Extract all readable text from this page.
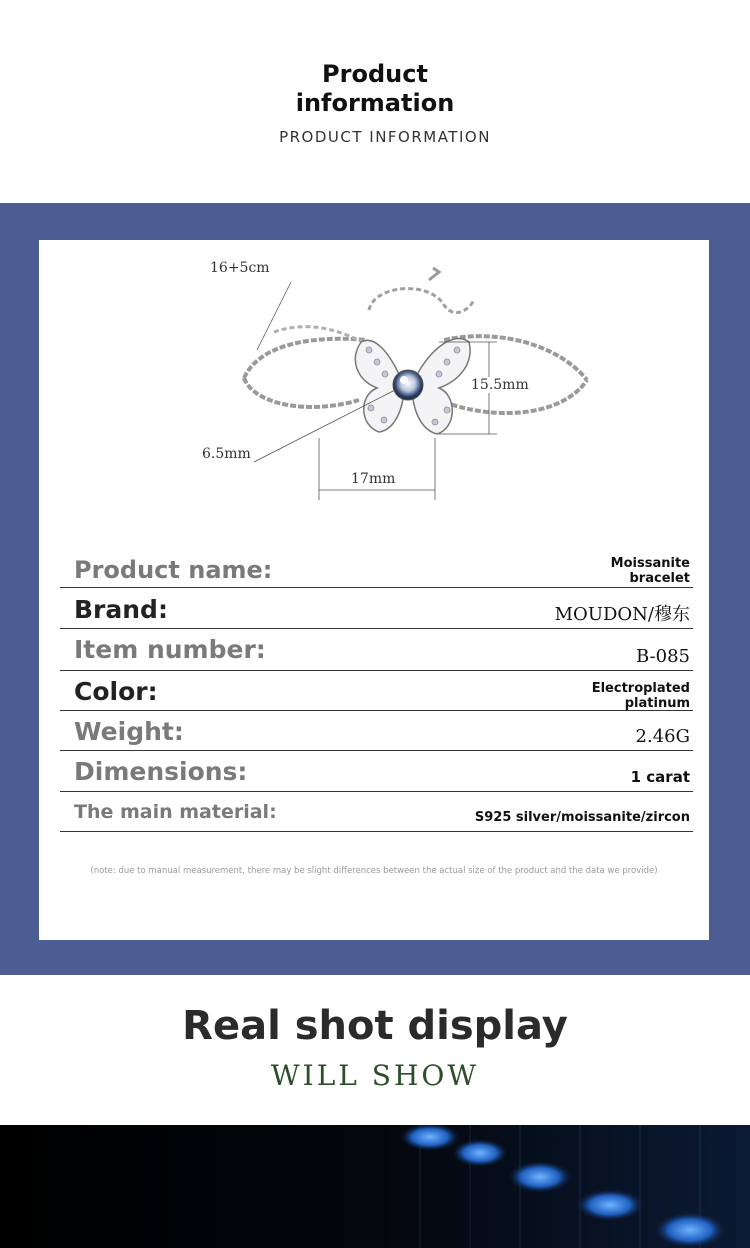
Product
information
PRODUCT INFORMATION
16+5cm
15.5mm
17mm
6.5mm
Product name:	Moissanite bracelet
Brand:	MOUDON/穆东
Item number:	B-085
Color:	Electroplated platinum
Weight:	2.46G
Dimensions:	1 carat
The main material:	S925 silver/moissanite/zircon
(note: due to manual measurement, there may be slight differences between the actual size of the product and the data we provide)
Real shot display
WILL SHOW
